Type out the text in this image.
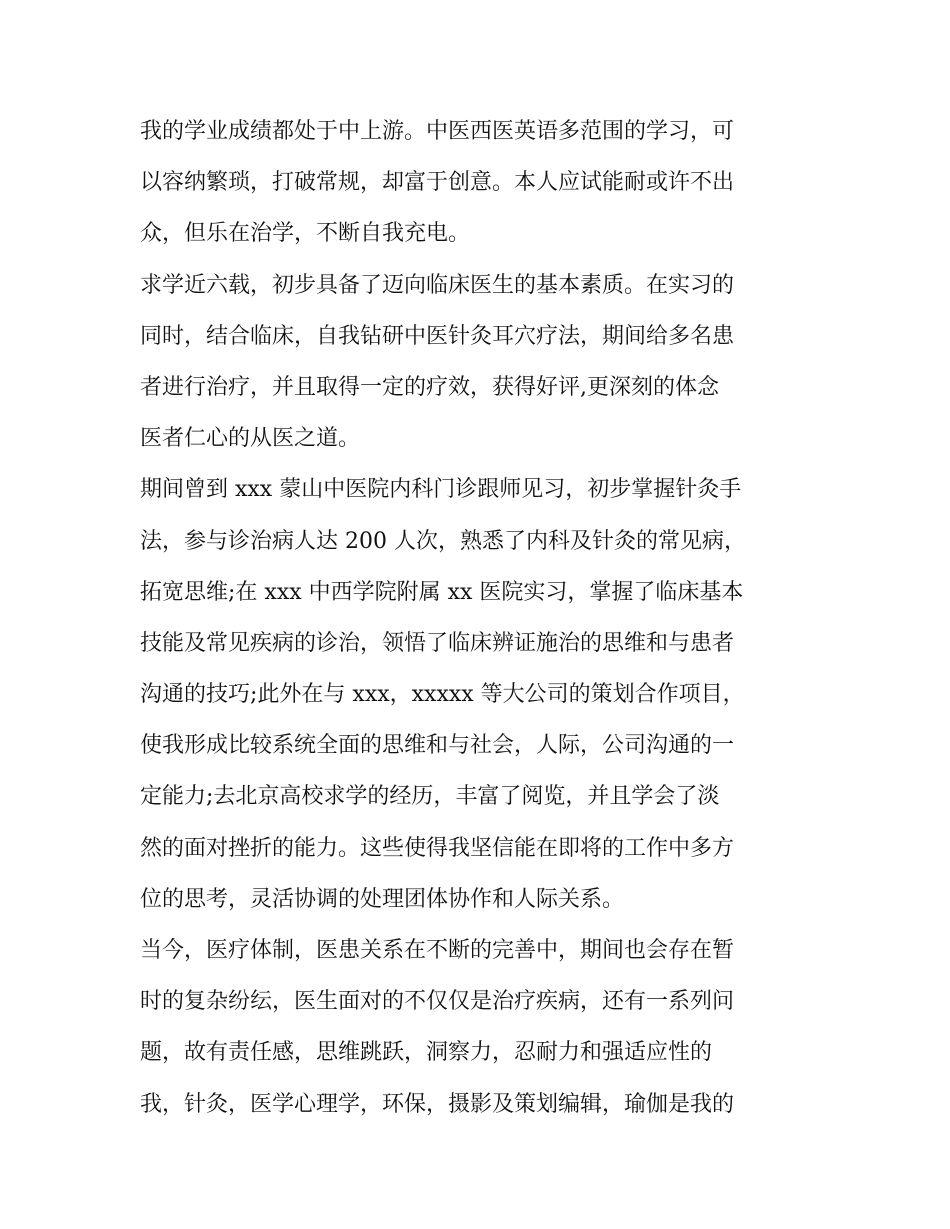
我的学业成绩都处于中上游。中医西医英语多范围的学习，可
以容纳繁琐，打破常规，却富于创意。本人应试能耐或许不出
众，但乐在治学，不断自我充电。
求学近六载，初步具备了迈向临床医生的基本素质。在实习的
同时，结合临床，自我钻研中医针灸耳穴疗法，期间给多名患
者进行治疗，并且取得一定的疗效，获得好评,更深刻的体念
医者仁心的从医之道。
期间曾到 xxx 蒙山中医院内科门诊跟师见习，初步掌握针灸手
法，参与诊治病人达 200 人次，熟悉了内科及针灸的常见病，
拓宽思维;在 xxx 中西学院附属 xx 医院实习，掌握了临床基本
技能及常见疾病的诊治，领悟了临床辨证施治的思维和与患者
沟通的技巧;此外在与 xxx，xxxxx 等大公司的策划合作项目，
使我形成比较系统全面的思维和与社会，人际，公司沟通的一
定能力;去北京高校求学的经历，丰富了阅览，并且学会了淡
然的面对挫折的能力。这些使得我坚信能在即将的工作中多方
位的思考，灵活协调的处理团体协作和人际关系。
当今，医疗体制，医患关系在不断的完善中，期间也会存在暂
时的复杂纷纭，医生面对的不仅仅是治疗疾病，还有一系列问
题，故有责任感，思维跳跃，洞察力，忍耐力和强适应性的
我，针灸，医学心理学，环保，摄影及策划编辑，瑜伽是我的
